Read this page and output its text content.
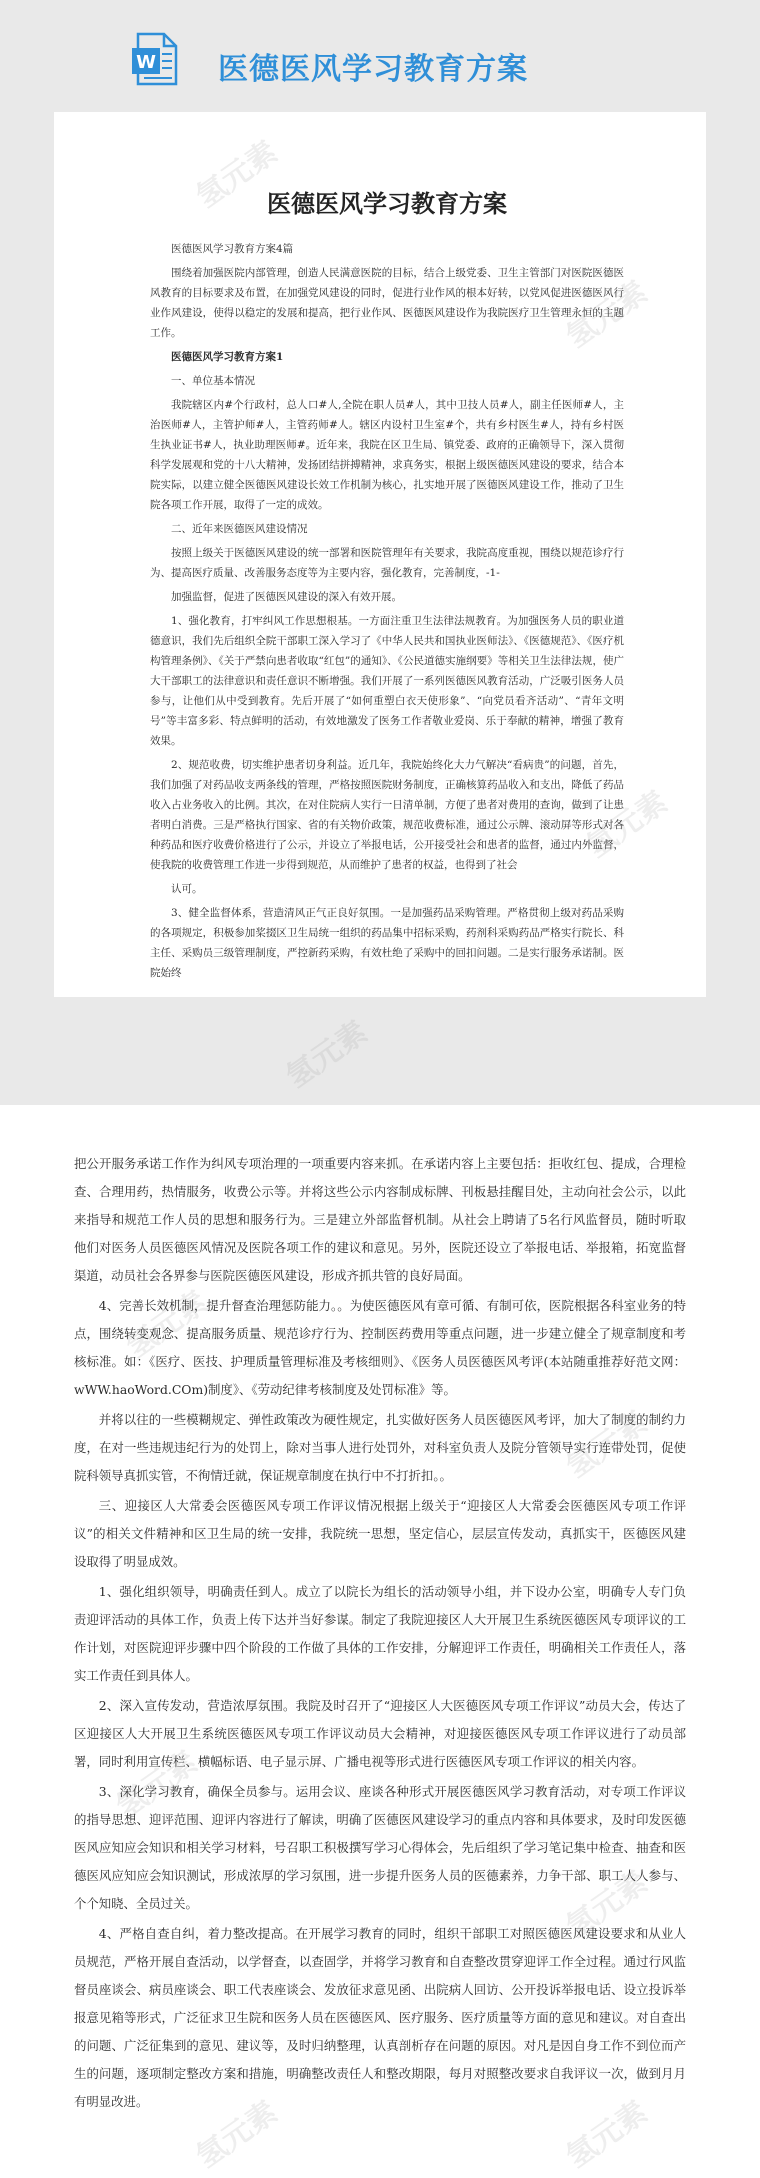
W 医德医风学习教育方案
医德医风学习教育方案

医德医风学习教育方案4篇

围绕着加强医院内部管理，创造人民满意医院的目标，结合上级党委、卫生主管部门对医院医德医风教育的目标要求及布置，在加强党风建设的同时，促进行业作风的根本好转，以党风促进医德医风行业作风建设，使得以稳定的发展和提高，把行业作风、医德医风建设作为我院医疗卫生管理永恒的主题工作。

医德医风学习教育方案1

一、单位基本情况

我院辖区内#个行政村，总人口#人,全院在职人员#人，其中卫技人员#人，副主任医师#人，主治医师#人，主管护师#人，主管药师#人。辖区内设村卫生室#个，共有乡村医生#人，持有乡村医生执业证书#人，执业助理医师#。近年来，我院在区卫生局、镇党委、政府的正确领导下，深入贯彻科学发展观和党的十八大精神，发扬团结拼搏精神，求真务实，根据上级医德医风建设的要求，结合本院实际，以建立健全医德医风建设长效工作机制为核心，扎实地开展了医德医风建设工作，推动了卫生院各项工作开展，取得了一定的成效。

二、近年来医德医风建设情况

按照上级关于医德医风建设的统一部署和医院管理年有关要求，我院高度重视，围绕以规范诊疗行为、提高医疗质量、改善服务态度等为主要内容，强化教育，完善制度，-1-

加强监督，促进了医德医风建设的深入有效开展。

1、强化教育，打牢纠风工作思想根基。一方面注重卫生法律法规教育。为加强医务人员的职业道德意识，我们先后组织全院干部职工深入学习了《中华人民共和国执业医师法》、《医德规范》、《医疗机构管理条例》、《关于严禁向患者收取“红包”的通知》、《公民道德实施纲要》等相关卫生法律法规，使广大干部职工的法律意识和责任意识不断增强。我们开展了一系列医德医风教育活动，广泛吸引医务人员参与，让他们从中受到教育。先后开展了“如何重塑白衣天使形象”、“向党员看齐活动”、“青年文明号”等丰富多彩、特点鲜明的活动，有效地激发了医务工作者敬业爱岗、乐于奉献的精神，增强了教育效果。

2、规范收费，切实维护患者切身利益。近几年，我院始终化大力气解决“看病贵”的问题，首先，我们加强了对药品收支两条线的管理，严格按照医院财务制度，正确核算药品收入和支出，降低了药品收入占业务收入的比例。其次，在对住院病人实行一日清单制，方便了患者对费用的查询，做到了让患者明白消费。三是严格执行国家、省的有关物价政策，规范收费标准，通过公示牌、滚动屏等形式对各种药品和医疗收费价格进行了公示，并设立了举报电话，公开接受社会和患者的监督，通过内外监督，使我院的收费管理工作进一步得到规范，从而维护了患者的权益，也得到了社会

认可。

3、健全监督体系，营造清风正气正良好氛围。一是加强药品采购管理。严格贯彻上级对药品采购的各项规定，积极参加桨掇区卫生局统一组织的药品集中招标采购，药剂科采购药品严格实行院长、科主任、采购员三级管理制度，严控新药采购，有效杜绝了采购中的回扣问题。二是实行服务承诺制。医院始终

把公开服务承诺工作作为纠风专项治理的一项重要内容来抓。在承诺内容上主要包括：拒收红包、提成，合理检查、合理用药，热情服务，收费公示等。并将这些公示内容制成标牌、刊板悬挂醒目处，主动向社会公示，以此来指导和规范工作人员的思想和服务行为。三是建立外部监督机制。从社会上聘请了5名行风监督员，随时听取他们对医务人员医德医风情况及医院各项工作的建议和意见。另外，医院还设立了举报电话、举报箱，拓宽监督渠道，动员社会各界参与医院医德医风建设，形成齐抓共管的良好局面。

4、完善长效机制，提升督查治理惩防能力。。为使医德医风有章可循、有制可依，医院根据各科室业务的特点，围绕转变观念、提高服务质量、规范诊疗行为、控制医药费用等重点问题，进一步建立健全了规章制度和考核标准。如：《医疗、医技、护理质量管理标准及考核细则》、《医务人员医德医风考评(本站随重推荐好范文网：wWW.haoWord.COm)制度》、《劳动纪律考核制度及处罚标准》等。

并将以往的一些模糊规定、弹性政策改为硬性规定，扎实做好医务人员医德医风考评，加大了制度的制约力度，在对一些违规违纪行为的处罚上，除对当事人进行处罚外，对科室负责人及院分管领导实行连带处罚，促使院科领导真抓实管，不徇情迁就，保证规章制度在执行中不打折扣。。

三、迎接区人大常委会医德医风专项工作评议情况根据上级关于“迎接区人大常委会医德医风专项工作评议”的相关文件精神和区卫生局的统一安排，我院统一思想，坚定信心，层层宣传发动，真抓实干，医德医风建设取得了明显成效。

1、强化组织领导，明确责任到人。成立了以院长为组长的活动领导小组，并下设办公室，明确专人专门负责迎评活动的具体工作，负责上传下达并当好参谋。制定了我院迎接区人大开展卫生系统医德医风专项评议的工作计划，对医院迎评步骤中四个阶段的工作做了具体的工作安排，分解迎评工作责任，明确相关工作责任人，落实工作责任到具体人。

2、深入宣传发动，营造浓厚氛围。我院及时召开了“迎接区人大医德医风专项工作评议”动员大会，传达了区迎接区人大开展卫生系统医德医风专项工作评议动员大会精神，对迎接医德医风专项工作评议进行了动员部署，同时利用宣传栏、横幅标语、电子显示屏、广播电视等形式进行医德医风专项工作评议的相关内容。

3、深化学习教育，确保全员参与。运用会议、座谈各种形式开展医德医风学习教育活动，对专项工作评议的指导思想、迎评范围、迎评内容进行了解读，明确了医德医风建设学习的重点内容和具体要求，及时印发医德医风应知应会知识和相关学习材料，号召职工积极撰写学习心得体会，先后组织了学习笔记集中检查、抽查和医德医风应知应会知识测试，形成浓厚的学习氛围，进一步提升医务人员的医德素养，力争干部、职工人人参与、个个知晓、全员过关。

4、严格自查自纠，着力整改提高。在开展学习教育的同时，组织干部职工对照医德医风建设要求和从业人员规范，严格开展自查活动，以学督查，以查固学，并将学习教育和自查整改贯穿迎评工作全过程。通过行风监督员座谈会、病员座谈会、职工代表座谈会、发放征求意见函、出院病人回访、公开投诉举报电话、设立投诉举报意见箱等形式，广泛征求卫生院和医务人员在医德医风、医疗服务、医疗质量等方面的意见和建议。对自查出的问题、广泛征集到的意见、建议等，及时归纳整理，认真剖析存在问题的原因。对凡是因自身工作不到位而产生的问题，逐项制定整改方案和措施，明确整改责任人和整改期限，每月对照整改要求自我评议一次，做到月月有明显改进。

氢元素
氢元素
氢元素
氢元素
氢元素	氢元素
